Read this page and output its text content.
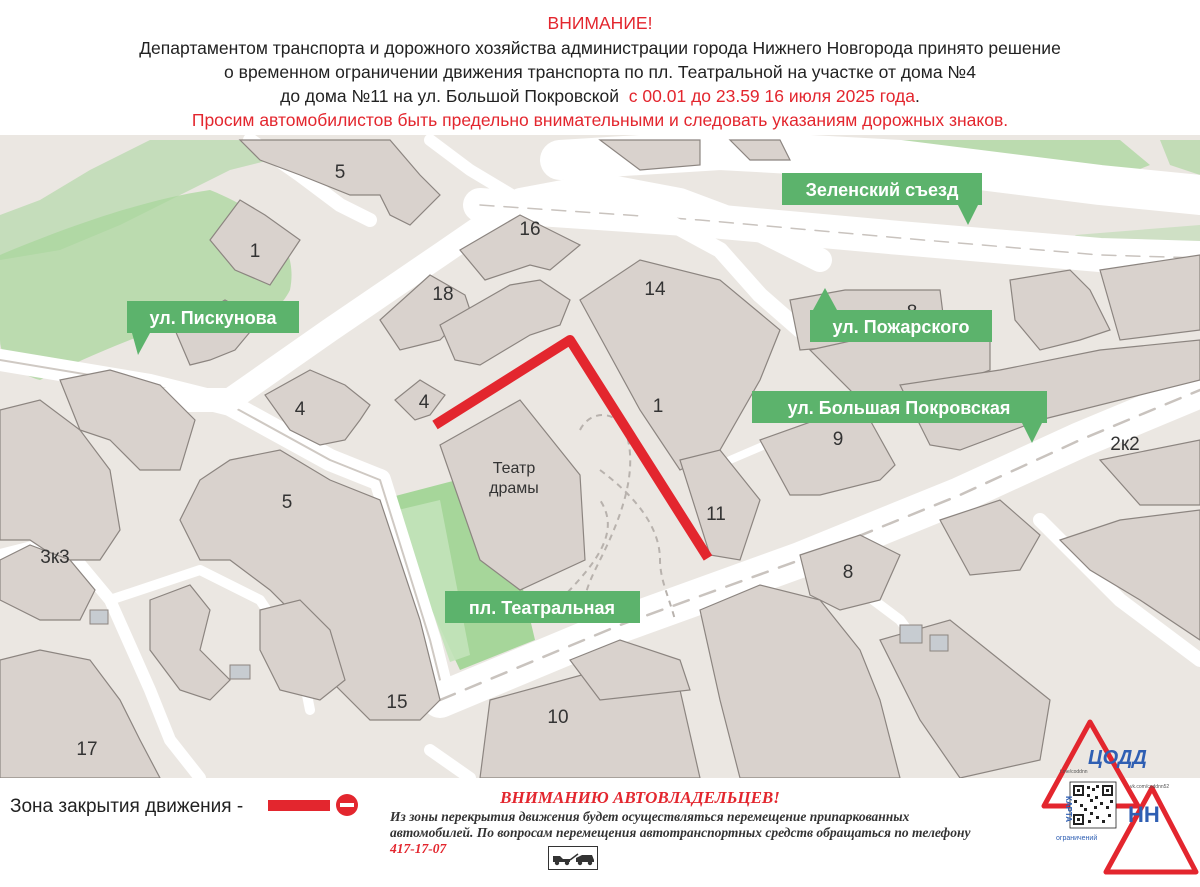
ВНИМАНИЕ!
Департаментом транспорта и дорожного хозяйства администрации города Нижнего Новгорода принято решение
о временном ограничении движения транспорта по пл. Театральной на участке от дома №4
до дома №11 на ул. Большой Покровской с 00.01 до 23.59 16 июля 2025 года.
Просим автомобилистов быть предельно внимательными и следовать указаниям дорожных знаков.
5
1
16
18	14
4	4	1
9	2к2
11
5
3к3
8
15
10
17
Театр
драмы
ул. Пискунова
Зеленский съезд
ул. Пожарского
ул. Большая Покровская
пл. Театральная
Зона закрытия движения -	ВНИМАНИЮ АВТОВЛАДЕЛЬЦЕВ!
Из зоны перекрытия движения будет осуществляться перемещение припаркованных автомобилей. По вопросам перемещения автотранспортных средств обращаться по телефону 417-17-07
ЦОДД
t.me/coddnn
vk.com/coddnn52
КАРТА	НН
ограничений
